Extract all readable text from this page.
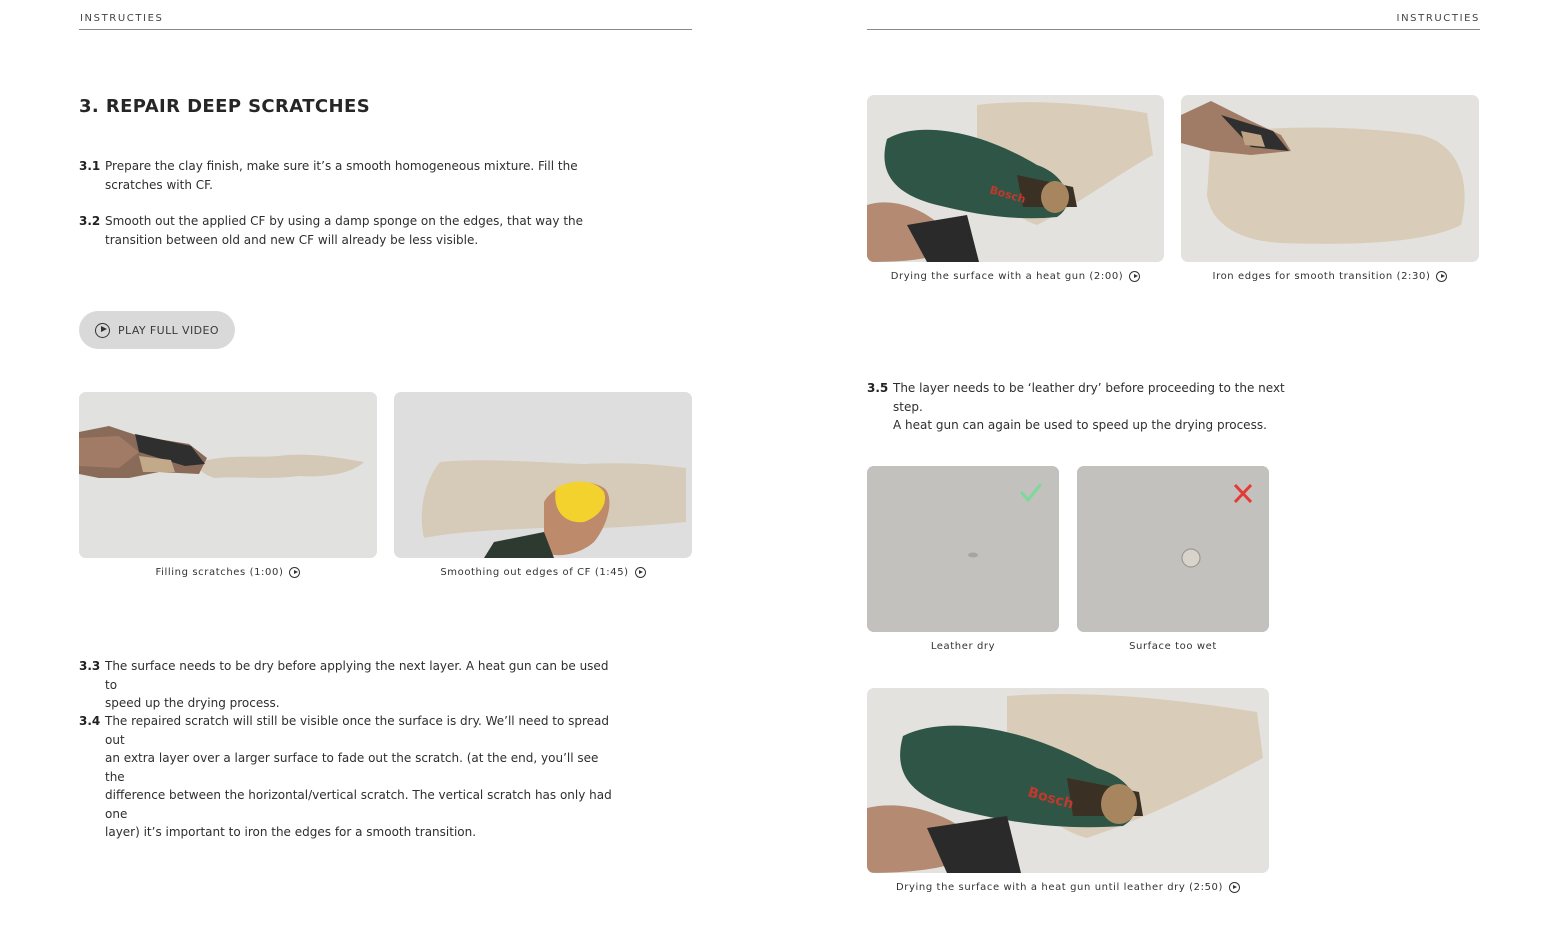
INSTRUCTIES	INSTRUCTIES
3. REPAIR DEEP SCRATCHES
3.1 Prepare the clay finish, make sure it’s a smooth homogeneous mixture. Fill the
scratches with CF.
3.2 Smooth out the applied CF by using a damp sponge on the edges, that way the
transition between old and new CF will already be less visible.
PLAY FULL VIDEO
Filling scratches (1:00)	Smoothing out edges of CF (1:45)
3.3 The surface needs to be dry before applying the next layer. A heat gun can be used to
speed up the drying process.
3.4 The repaired scratch will still be visible once the surface is dry. We’ll need to spread out
an extra layer over a larger surface to fade out the scratch. (at the end, you’ll see the
difference between the horizontal/vertical scratch. The vertical scratch has only had one
layer) it’s important to iron the edges for a smooth transition.
Bosch
Drying the surface with a heat gun (2:00)	Iron edges for smooth transition (2:30)
3.5 The layer needs to be ‘leather dry’ before proceeding to the next step.
A heat gun can again be used to speed up the drying process.
Leather dry	Surface too wet
Bosch
Drying the surface with a heat gun until leather dry (2:50)
